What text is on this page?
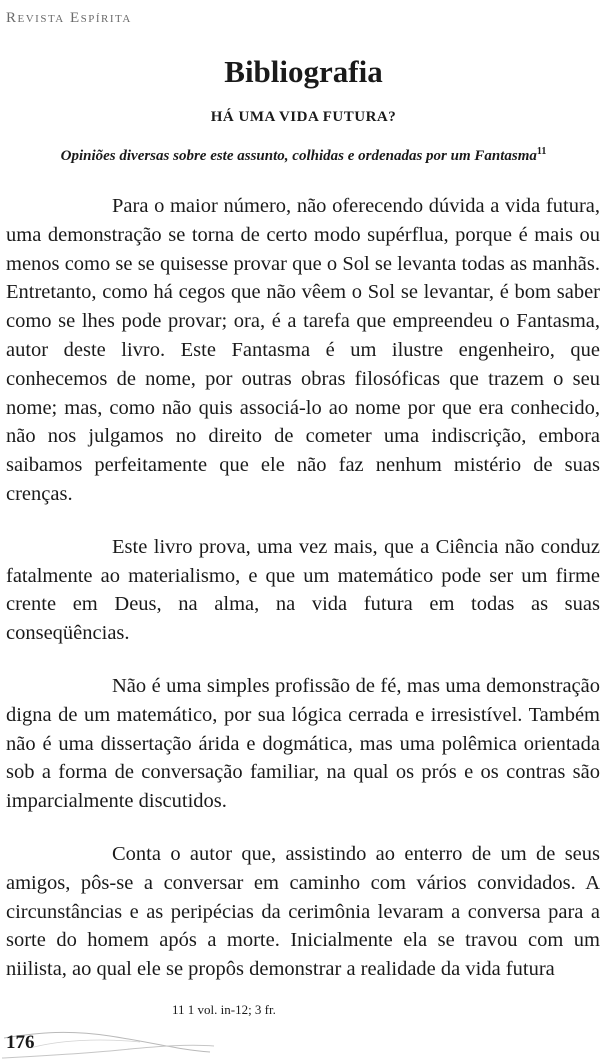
Revista Espírita
Bibliografia
HÁ UMA VIDA FUTURA?
Opiniões diversas sobre este assunto, colhidas e ordenadas por um Fantasma$^{11}$

Para o maior número, não oferecendo dúvida a vida futura, uma demonstração se torna de certo modo supérflua, porque é mais ou menos como se se quisesse provar que o Sol se levanta todas as manhãs. Entretanto, como há cegos que não vêem o Sol se levantar, é bom saber como se lhes pode provar; ora, é a tarefa que empreendeu o Fantasma, autor deste livro. Este Fantasma é um ilustre engenheiro, que conhecemos de nome, por outras obras filosóficas que trazem o seu nome; mas, como não quis associá-lo ao nome por que era conhecido, não nos julgamos no direito de cometer uma indiscrição, embora saibamos perfeitamente que ele não faz nenhum mistério de suas crenças.

Este livro prova, uma vez mais, que a Ciência não conduz fatalmente ao materialismo, e que um matemático pode ser um firme crente em Deus, na alma, na vida futura em todas as suas conseqüências.

Não é uma simples profissão de fé, mas uma demonstração digna de um matemático, por sua lógica cerrada e irresistível. Também não é uma dissertação árida e dogmática, mas uma polêmica orientada sob a forma de conversação familiar, na qual os prós e os contras são imparcialmente discutidos.

Conta o autor que, assistindo ao enterro de um de seus amigos, pôs-se a conversar em caminho com vários convidados. A circunstâncias e as peripécias da cerimônia levaram a conversa para a sorte do homem após a morte. Inicialmente ela se travou com um niilista, ao qual ele se propôs demonstrar a realidade da vida futura

11 1 vol. in-12; 3 fr.
176
